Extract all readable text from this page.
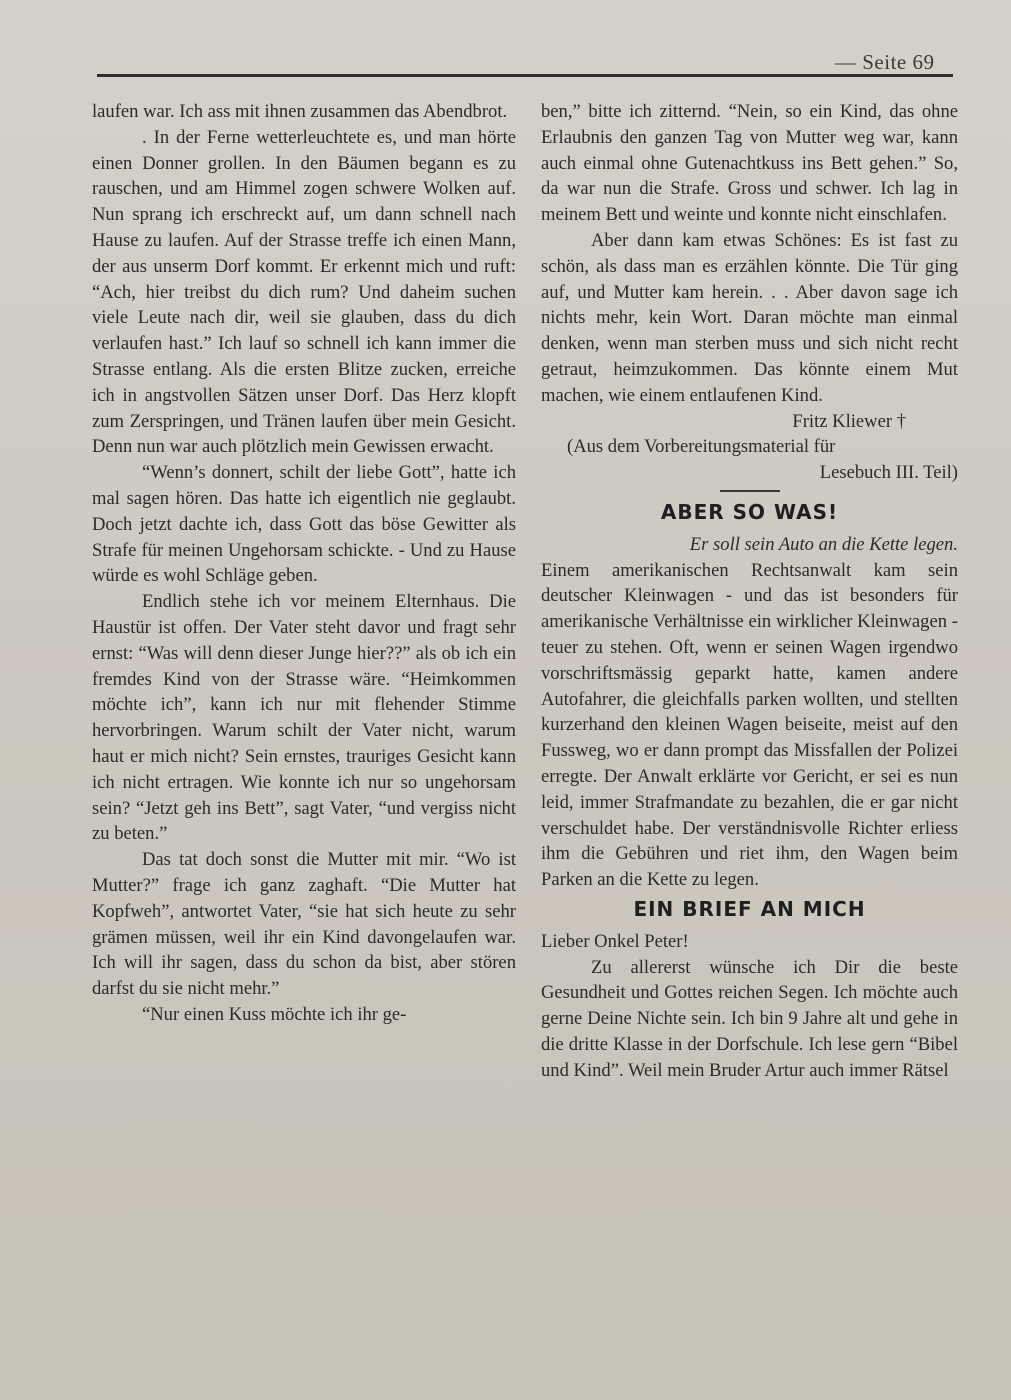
— Seite 69

laufen war. Ich ass mit ihnen zusammen das Abendbrot.

. In der Ferne wetterleuchtete es, und man hörte einen Donner grollen. In den Bäumen begann es zu rauschen, und am Himmel zogen schwere Wolken auf. Nun sprang ich erschreckt auf, um dann schnell nach Hause zu laufen. Auf der Strasse treffe ich einen Mann, der aus unserm Dorf kommt. Er erkennt mich und ruft: “Ach, hier treibst du dich rum? Und daheim suchen viele Leute nach dir, weil sie glauben, dass du dich verlaufen hast.” Ich lauf so schnell ich kann immer die Strasse entlang. Als die ersten Blitze zucken, erreiche ich in angstvollen Sätzen unser Dorf. Das Herz klopft zum Zerspringen, und Tränen laufen über mein Gesicht. Denn nun war auch plötzlich mein Gewissen erwacht.

“Wenn’s donnert, schilt der liebe Gott”, hatte ich mal sagen hören. Das hatte ich eigentlich nie geglaubt. Doch jetzt dachte ich, dass Gott das böse Gewitter als Strafe für meinen Ungehorsam schickte. - Und zu Hause würde es wohl Schläge geben.

Endlich stehe ich vor meinem Elternhaus. Die Haustür ist offen. Der Vater steht davor und fragt sehr ernst: “Was will denn dieser Junge hier??” als ob ich ein fremdes Kind von der Strasse wäre. “Heimkommen möchte ich”, kann ich nur mit flehender Stimme hervorbringen. Warum schilt der Vater nicht, warum haut er mich nicht? Sein ernstes, trauriges Gesicht kann ich nicht ertragen. Wie konnte ich nur so ungehorsam sein? “Jetzt geh ins Bett”, sagt Vater, “und vergiss nicht zu beten.”

Das tat doch sonst die Mutter mit mir. “Wo ist Mutter?” frage ich ganz zaghaft. “Die Mutter hat Kopfweh”, antwortet Vater, “sie hat sich heute zu sehr grämen müssen, weil ihr ein Kind davongelaufen war. Ich will ihr sagen, dass du schon da bist, aber stören darfst du sie nicht mehr.”

“Nur einen Kuss möchte ich ihr ge-

ben,” bitte ich zitternd. “Nein, so ein Kind, das ohne Erlaubnis den ganzen Tag von Mutter weg war, kann auch einmal ohne Gutenachtkuss ins Bett gehen.” So, da war nun die Strafe. Gross und schwer. Ich lag in meinem Bett und weinte und konnte nicht einschlafen.

Aber dann kam etwas Schönes: Es ist fast zu schön, als dass man es erzählen könnte. Die Tür ging auf, und Mutter kam herein. . . Aber davon sage ich nichts mehr, kein Wort. Daran möchte man einmal denken, wenn man sterben muss und sich nicht recht getraut, heimzukommen. Das könnte einem Mut machen, wie einem entlaufenen Kind.

Fritz Kliewer †

(Aus dem Vorbereitungsmaterial für

Lesebuch III. Teil)

ABER SO WAS!

Er soll sein Auto an die Kette legen.

Einem amerikanischen Rechtsanwalt kam sein deutscher Kleinwagen - und das ist besonders für amerikanische Verhältnisse ein wirklicher Kleinwagen - teuer zu stehen. Oft, wenn er seinen Wagen irgendwo vorschriftsmässig geparkt hatte, kamen andere Autofahrer, die gleichfalls parken wollten, und stellten kurzerhand den kleinen Wagen beiseite, meist auf den Fussweg, wo er dann prompt das Missfallen der Polizei erregte. Der Anwalt erklärte vor Gericht, er sei es nun leid, immer Strafmandate zu bezahlen, die er gar nicht verschuldet habe. Der verständnisvolle Richter erliess ihm die Gebühren und riet ihm, den Wagen beim Parken an die Kette zu legen.

EIN BRIEF AN MICH

Lieber Onkel Peter!

Zu allererst wünsche ich Dir die beste Gesundheit und Gottes reichen Segen. Ich möchte auch gerne Deine Nichte sein. Ich bin 9 Jahre alt und gehe in die dritte Klasse in der Dorfschule. Ich lese gern “Bibel und Kind”. Weil mein Bruder Artur auch immer Rätsel
